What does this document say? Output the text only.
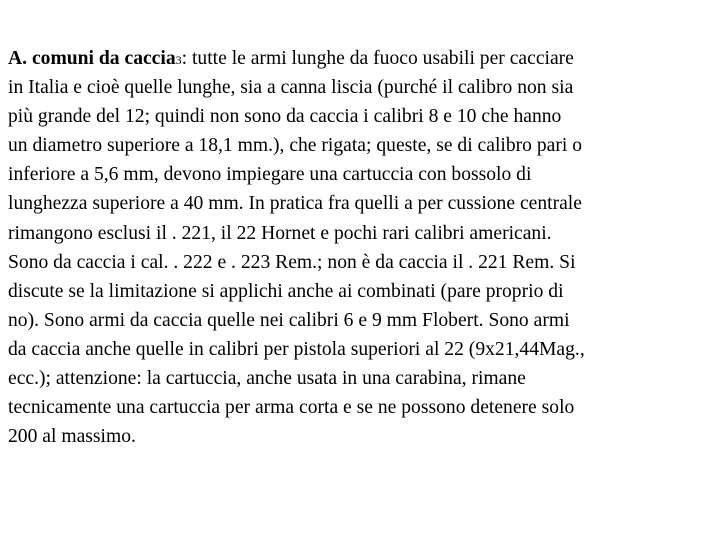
A. comuni da caccia3: tutte le armi lunghe da fuoco usabili per cacciare
in Italia e cioè quelle lunghe, sia a canna liscia (purché il calibro non sia
più grande del 12; quindi non sono da caccia i calibri 8 e 10 che hanno
un diametro superiore a 18,1 mm.), che rigata; queste, se di calibro pari o
inferiore a 5,6 mm, devono impiegare una cartuccia con bossolo di
lunghezza superiore a 40 mm. In pratica fra quelli a per cussione centrale
rimangono esclusi il . 221, il 22 Hornet e pochi rari calibri americani.
Sono da caccia i cal. . 222 e . 223 Rem.; non è da caccia il . 221 Rem. Si
discute se la limitazione si applichi anche ai combinati (pare proprio di
no). Sono armi da caccia quelle nei calibri 6 e 9 mm Flobert. Sono armi
da caccia anche quelle in calibri per pistola superiori al 22 (9x21,44Mag.,
ecc.); attenzione: la cartuccia, anche usata in una carabina, rimane
tecnicamente una cartuccia per arma corta e se ne possono detenere solo
200 al massimo.
